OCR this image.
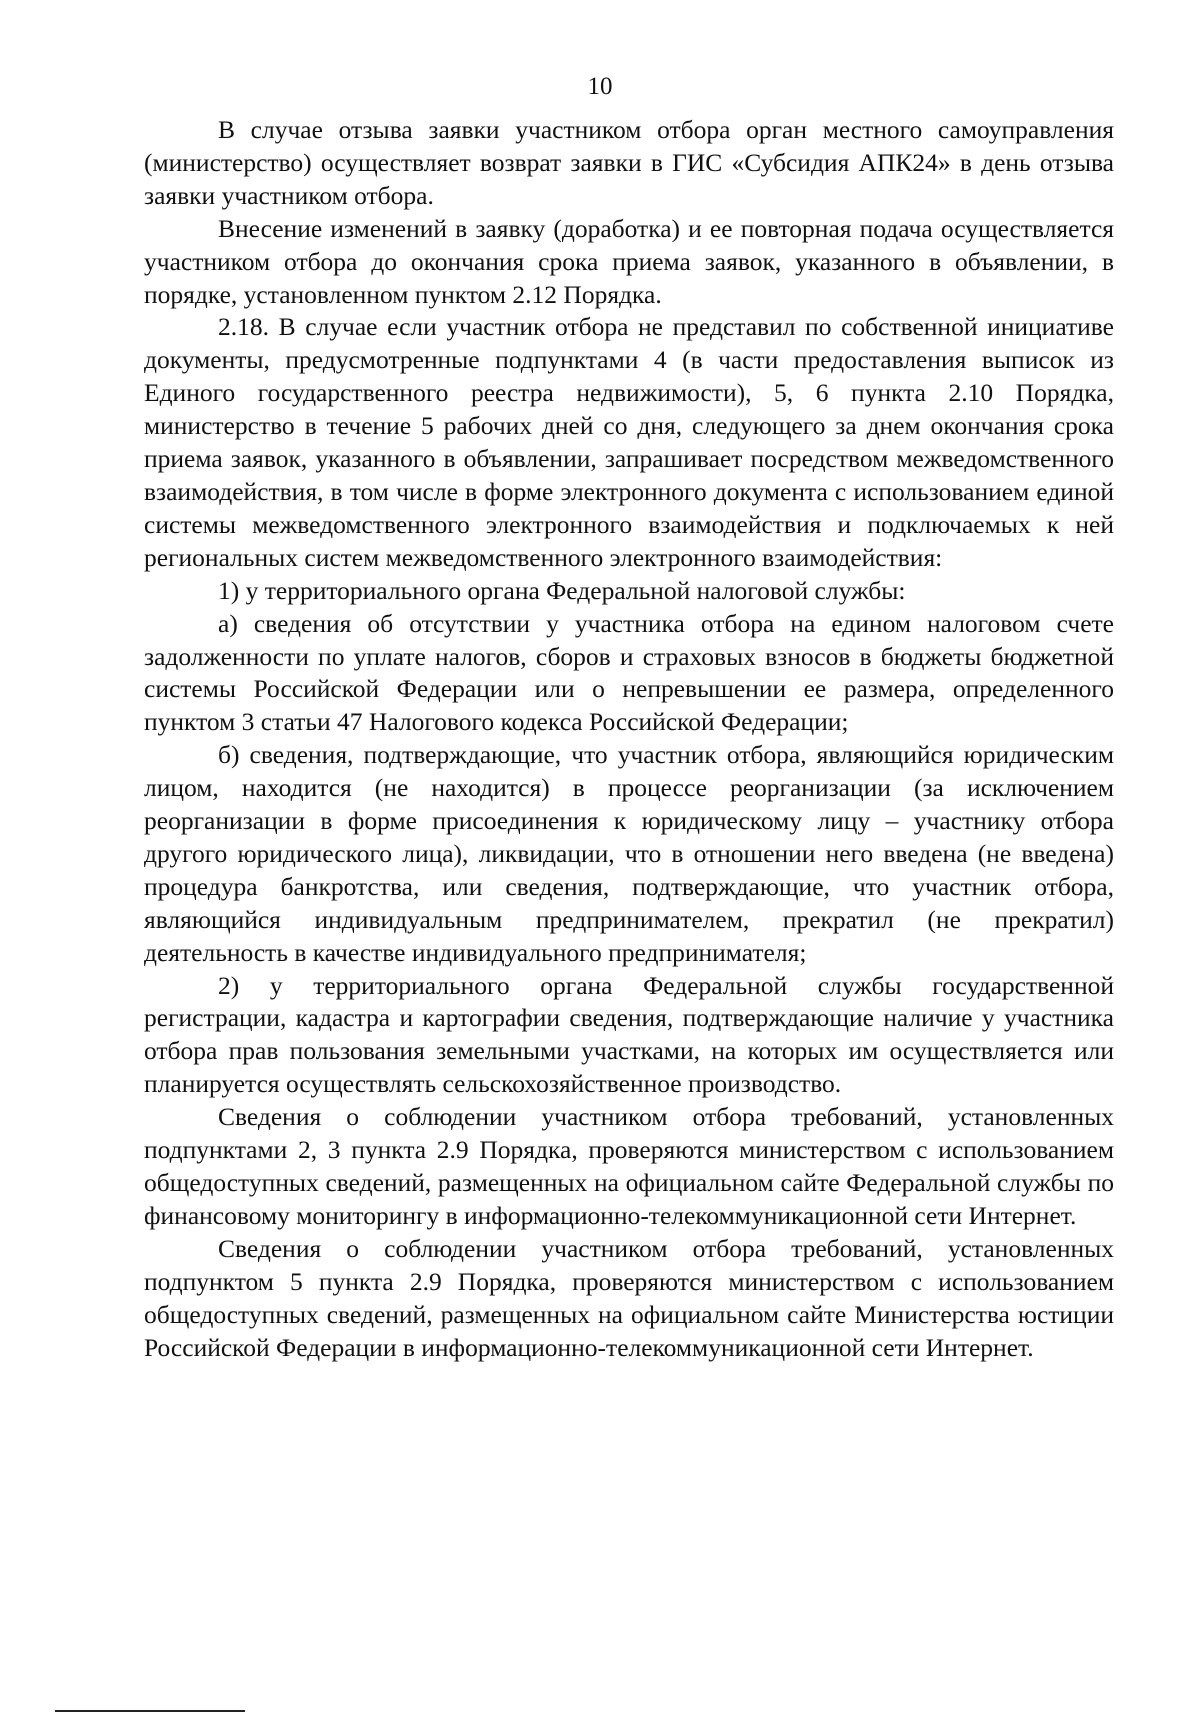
10

В случае отзыва заявки участником отбора орган местного самоуправления (министерство) осуществляет возврат заявки в ГИС «Субсидия АПК24» в день отзыва заявки участником отбора.

Внесение изменений в заявку (доработка) и ее повторная подача осуществляется участником отбора до окончания срока приема заявок, указанного в объявлении, в порядке, установленном пунктом 2.12 Порядка.

2.18. В случае если участник отбора не представил по собственной инициативе документы, предусмотренные подпунктами 4 (в части предоставления выписок из Единого государственного реестра недвижимости), 5, 6 пункта 2.10 Порядка, министерство в течение 5 рабочих дней со дня, следующего за днем окончания срока приема заявок, указанного в объявлении, запрашивает посредством межведомственного взаимодействия, в том числе в форме электронного документа с использованием единой системы межведомственного электронного взаимодействия и подключаемых к ней региональных систем межведомственного электронного взаимодействия:

1) у территориального органа Федеральной налоговой службы:

а) сведения об отсутствии у участника отбора на едином налоговом счете задолженности по уплате налогов, сборов и страховых взносов в бюджеты бюджетной системы Российской Федерации или о непревышении ее размера, определенного пунктом 3 статьи 47 Налогового кодекса Российской Федерации;

б) сведения, подтверждающие, что участник отбора, являющийся юридическим лицом, находится (не находится) в процессе реорганизации (за исключением реорганизации в форме присоединения к юридическому лицу – участнику отбора другого юридического лица), ликвидации, что в отношении него введена (не введена) процедура банкротства, или сведения, подтверждающие, что участник отбора, являющийся индивидуальным предпринимателем, прекратил (не прекратил) деятельность в качестве индивидуального предпринимателя;

2) у территориального органа Федеральной службы государственной регистрации, кадастра и картографии сведения, подтверждающие наличие у участника отбора прав пользования земельными участками, на которых им осуществляется или планируется осуществлять сельскохозяйственное производство.

Сведения о соблюдении участником отбора требований, установленных подпунктами 2, 3 пункта 2.9 Порядка, проверяются министерством с использованием общедоступных сведений, размещенных на официальном сайте Федеральной службы по финансовому мониторингу в информационно-телекоммуникационной сети Интернет.

Сведения о соблюдении участником отбора требований, установленных подпунктом 5 пункта 2.9 Порядка, проверяются министерством с использованием общедоступных сведений, размещенных на официальном сайте Министерства юстиции Российской Федерации в информационно-телекоммуникационной сети Интернет.
